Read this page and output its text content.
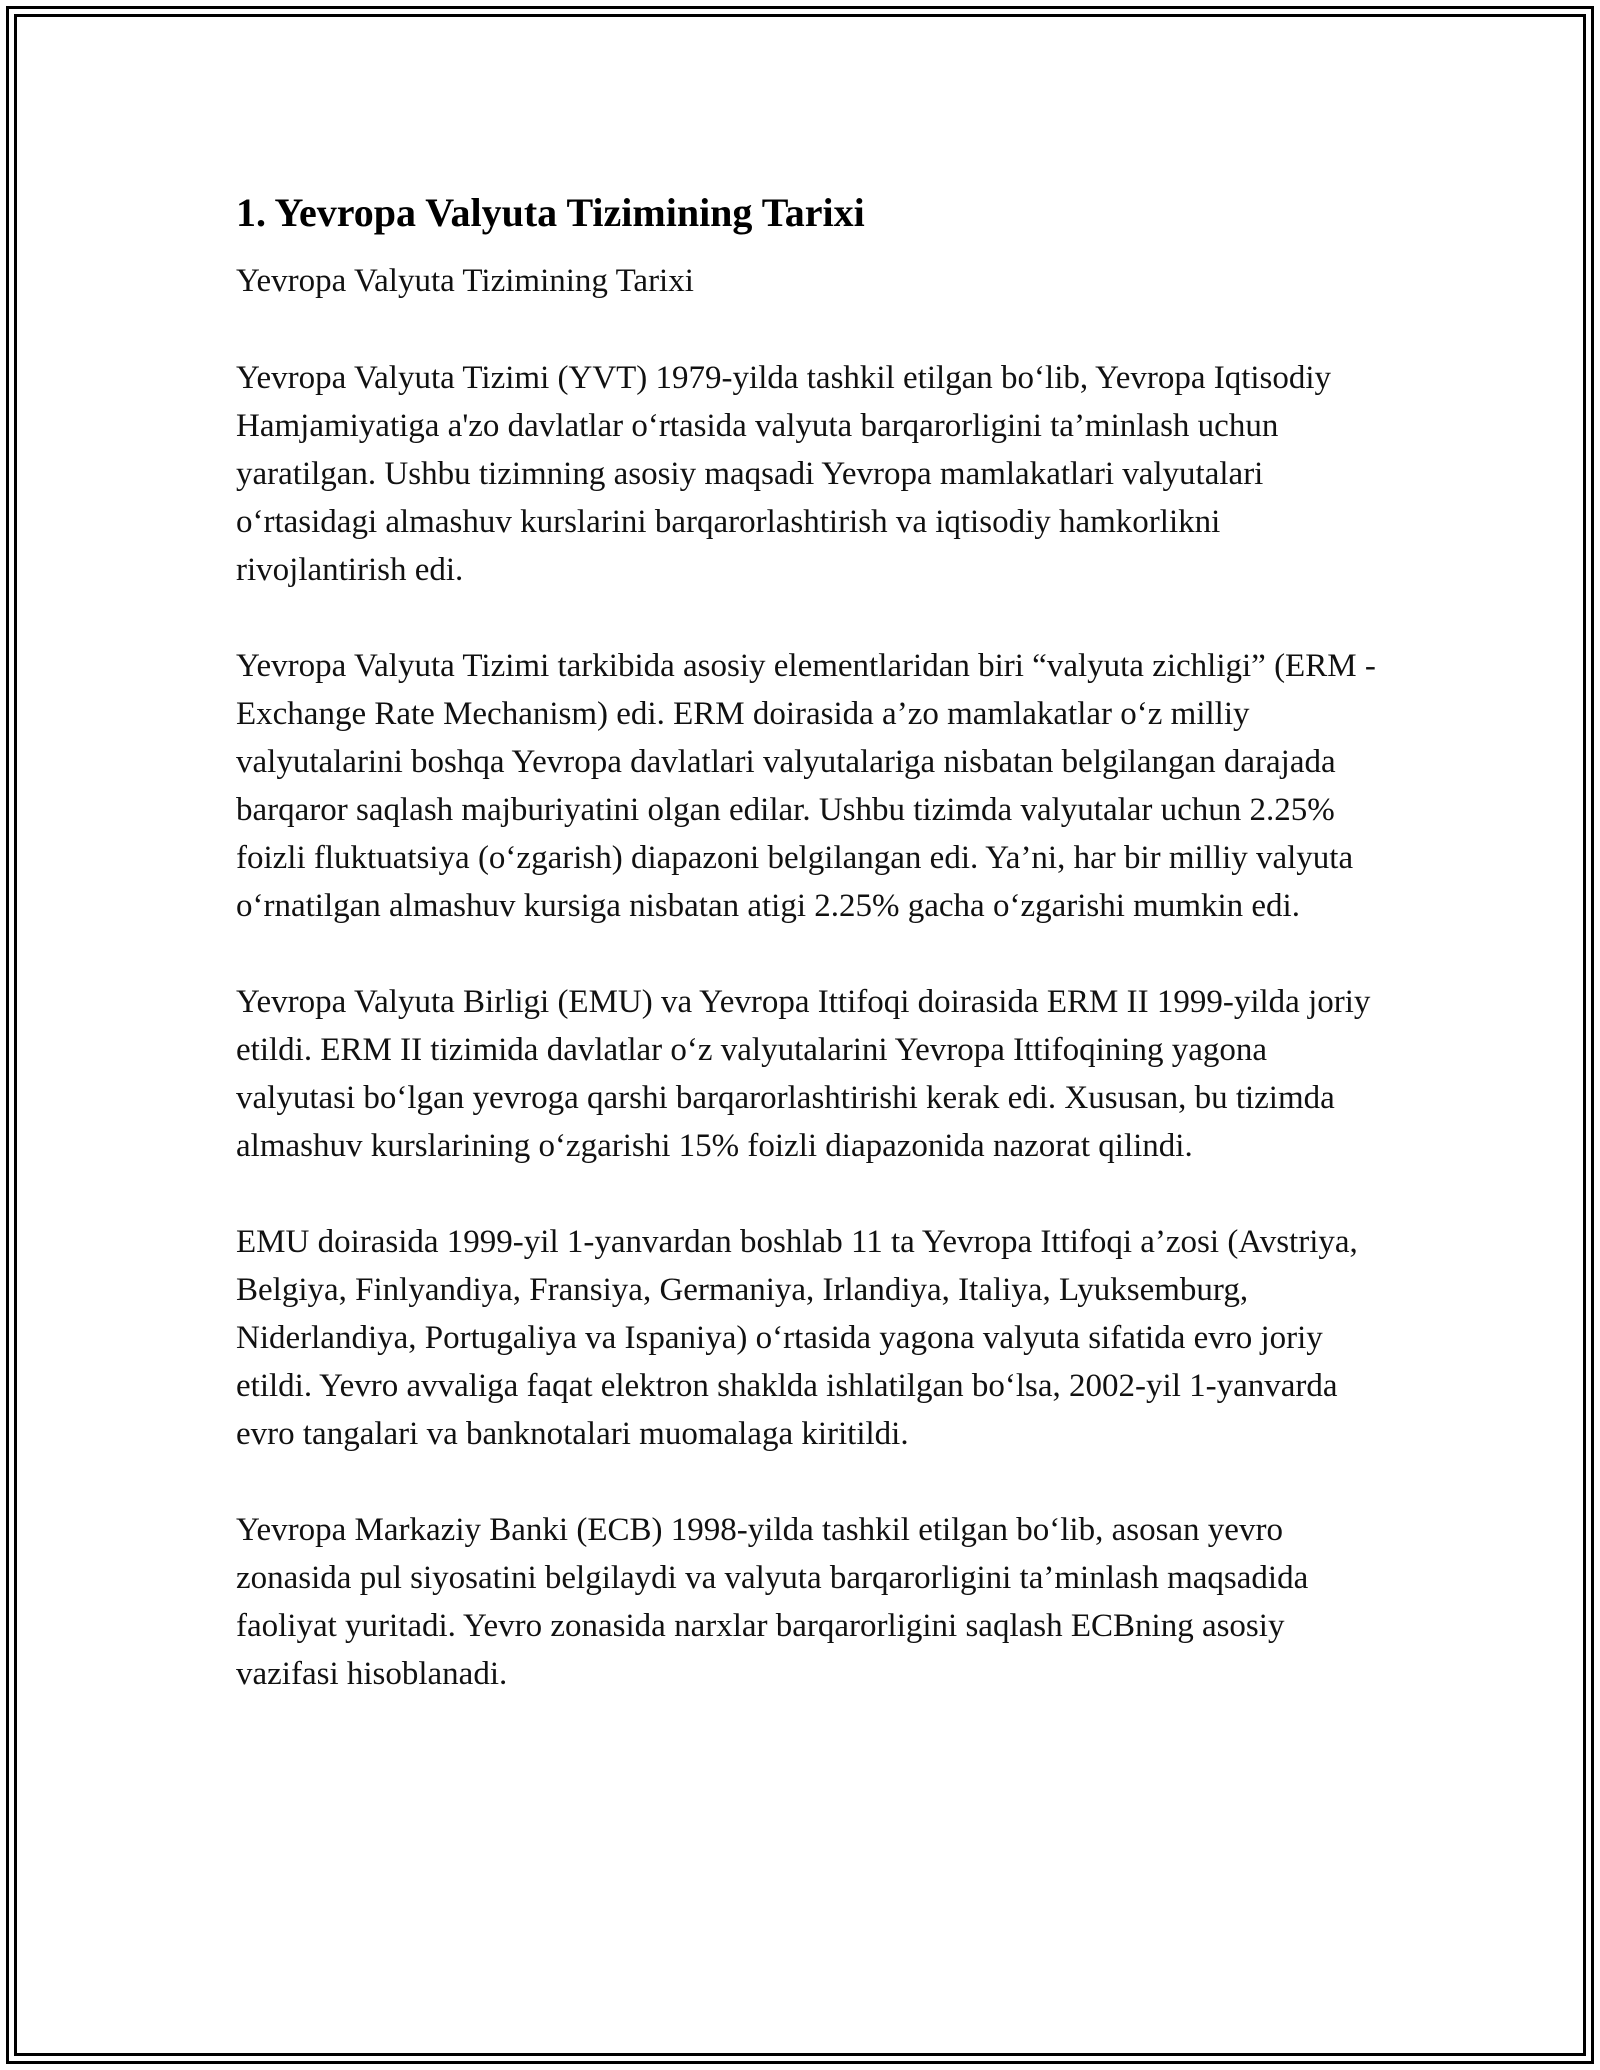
1. Yevropa Valyuta Tizimining Tarixi

Yevropa Valyuta Tizimining Tarixi

Yevropa Valyuta Tizimi (YVT) 1979-yilda tashkil etilgan bo‘lib, Yevropa Iqtisodiy Hamjamiyatiga a'zo davlatlar o‘rtasida valyuta barqarorligini ta’minlash uchun yaratilgan. Ushbu tizimning asosiy maqsadi Yevropa mamlakatlari valyutalari o‘rtasidagi almashuv kurslarini barqarorlashtirish va iqtisodiy hamkorlikni rivojlantirish edi.

Yevropa Valyuta Tizimi tarkibida asosiy elementlaridan biri “valyuta zichligi” (ERM - Exchange Rate Mechanism) edi. ERM doirasida a’zo mamlakatlar o‘z milliy valyutalarini boshqa Yevropa davlatlari valyutalariga nisbatan belgilangan darajada barqaror saqlash majburiyatini olgan edilar. Ushbu tizimda valyutalar uchun 2.25% foizli fluktuatsiya (o‘zgarish) diapazoni belgilangan edi. Ya’ni, har bir milliy valyuta o‘rnatilgan almashuv kursiga nisbatan atigi 2.25% gacha o‘zgarishi mumkin edi.

Yevropa Valyuta Birligi (EMU) va Yevropa Ittifoqi doirasida ERM II 1999-yilda joriy etildi. ERM II tizimida davlatlar o‘z valyutalarini Yevropa Ittifoqining yagona valyutasi bo‘lgan yevroga qarshi barqarorlashtirishi kerak edi. Xususan, bu tizimda almashuv kurslarining o‘zgarishi 15% foizli diapazonida nazorat qilindi.

EMU doirasida 1999-yil 1-yanvardan boshlab 11 ta Yevropa Ittifoqi a’zosi (Avstriya, Belgiya, Finlyandiya, Fransiya, Germaniya, Irlandiya, Italiya, Lyuksemburg, Niderlandiya, Portugaliya va Ispaniya) o‘rtasida yagona valyuta sifatida evro joriy etildi. Yevro avvaliga faqat elektron shaklda ishlatilgan bo‘lsa, 2002-yil 1-yanvarda evro tangalari va banknotalari muomalaga kiritildi.

Yevropa Markaziy Banki (ECB) 1998-yilda tashkil etilgan bo‘lib, asosan yevro zonasida pul siyosatini belgilaydi va valyuta barqarorligini ta’minlash maqsadida faoliyat yuritadi. Yevro zonasida narxlar barqarorligini saqlash ECBning asosiy vazifasi hisoblanadi.
